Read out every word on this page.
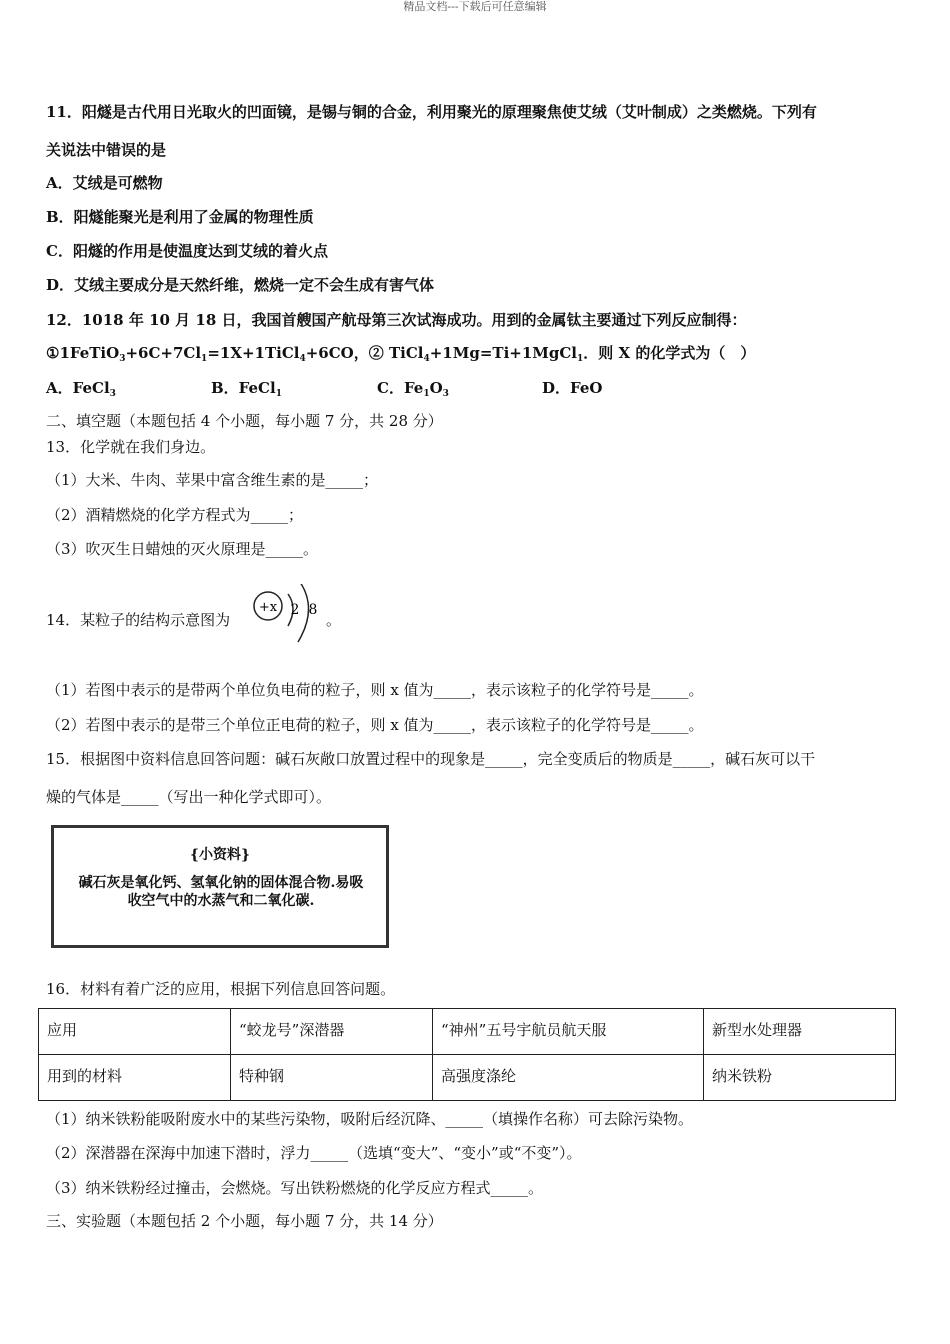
精品文档---下载后可任意编辑
11．阳燧是古代用日光取火的凹面镜，是锡与铜的合金，利用聚光的原理聚焦使艾绒（艾叶制成）之类燃烧。下列有
关说法中错误的是
A．艾绒是可燃物
B．阳燧能聚光是利用了金属的物理性质
C．阳燧的作用是使温度达到艾绒的着火点
D．艾绒主要成分是天然纤维，燃烧一定不会生成有害气体
12．1018 年 10 月 18 日，我国首艘国产航母第三次试海成功。用到的金属钛主要通过下列反应制得：
$①1FeTiO_3+6C+7Cl_1=1X+1TiCl_4+6CO$，② TiCl$_4$+1Mg=Ti+1MgCl$_1$．则 X 的化学式为（　）
A．FeCl$_3$	B．FeCl$_1$	C．$Fe_1O_3$	D．FeO
二、填空题（本题包括 4 个小题，每小题 7 分，共 28 分）
13．化学就在我们身边。
（1）大米、牛肉、苹果中富含维生素的是_____；
（2）酒精燃烧的化学方程式为_____；
（3）吹灭生日蜡烛的灭火原理是_____。
14．某粒子的结构示意图为
+x 2 8
。
（1）若图中表示的是带两个单位负电荷的粒子，则 x 值为_____，表示该粒子的化学符号是_____。
（2）若图中表示的是带三个单位正电荷的粒子，则 x 值为_____，表示该粒子的化学符号是_____。
15．根据图中资料信息回答问题：碱石灰敞口放置过程中的现象是_____，完全变质后的物质是_____，碱石灰可以干
燥的气体是_____（写出一种化学式即可）。
{小资料}
碱石灰是氧化钙、氢氧化钠的固体混合物.易吸收空气中的水蒸气和二氧化碳.
16．材料有着广泛的应用，根据下列信息回答问题。
应用	“蛟龙号”深潜器	“神州”五号宇航员航天服	新型水处理器
用到的材料	特种钢	高强度涤纶	纳米铁粉
（1）纳米铁粉能吸附废水中的某些污染物，吸附后经沉降、_____（填操作名称）可去除污染物。
（2）深潜器在深海中加速下潜时，浮力_____（选填“变大”、“变小”或“不变”）。
（3）纳米铁粉经过撞击，会燃烧。写出铁粉燃烧的化学反应方程式_____。
三、实验题（本题包括 2 个小题，每小题 7 分，共 14 分）
